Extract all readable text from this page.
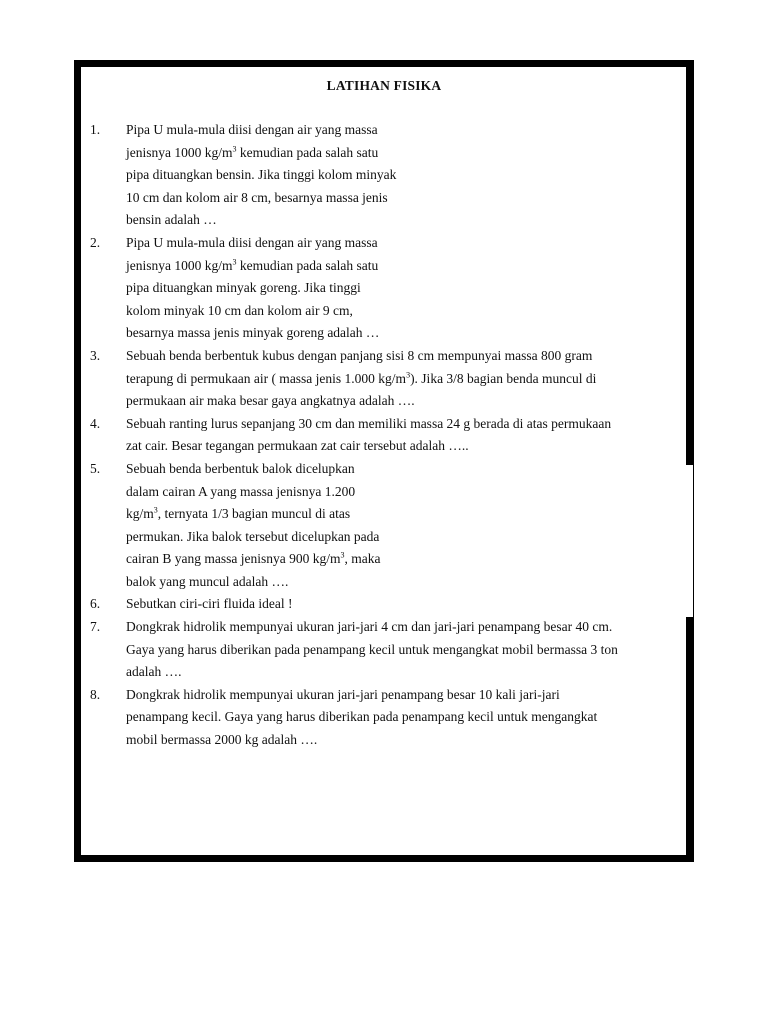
LATIHAN FISIKA
1. Pipa U mula-mula diisi dengan air yang massa
jenisnya 1000 $kg/m^3$ kemudian pada salah satu
pipa dituangkan bensin. Jika tinggi kolom minyak
10 cm dan kolom air 8 cm, besarnya massa jenis
bensin adalah …
2. Pipa U mula-mula diisi dengan air yang massa
jenisnya 1000 $kg/m^3$ kemudian pada salah satu
pipa dituangkan minyak goreng. Jika tinggi
kolom minyak 10 cm dan kolom air 9 cm,
besarnya massa jenis minyak goreng adalah …
3. Sebuah benda berbentuk kubus dengan panjang sisi 8 cm mempunyai massa 800 gram
terapung di permukaan air ( massa jenis 1.000 $kg/m^3$). Jika 3/8 bagian benda muncul di
permukaan air maka besar gaya angkatnya adalah ….
4. Sebuah ranting lurus sepanjang 30 cm dan memiliki massa 24 g berada di atas permukaan
zat cair. Besar tegangan permukaan zat cair tersebut adalah …..
5. Sebuah benda berbentuk balok dicelupkan
dalam cairan A yang massa jenisnya 1.200
$kg/m^3$, ternyata 1/3 bagian muncul di atas
permukan. Jika balok tersebut dicelupkan pada
cairan B yang massa jenisnya 900 $kg/m^3$, maka
balok yang muncul adalah ….
6. Sebutkan ciri-ciri fluida ideal !
7. Dongkrak hidrolik mempunyai ukuran jari-jari 4 cm dan jari-jari penampang besar 40 cm.
Gaya yang harus diberikan pada penampang kecil untuk mengangkat mobil bermassa 3 ton
adalah ….
8. Dongkrak hidrolik mempunyai ukuran jari-jari penampang besar 10 kali jari-jari
penampang kecil. Gaya yang harus diberikan pada penampang kecil untuk mengangkat
mobil bermassa 2000 kg adalah ….
